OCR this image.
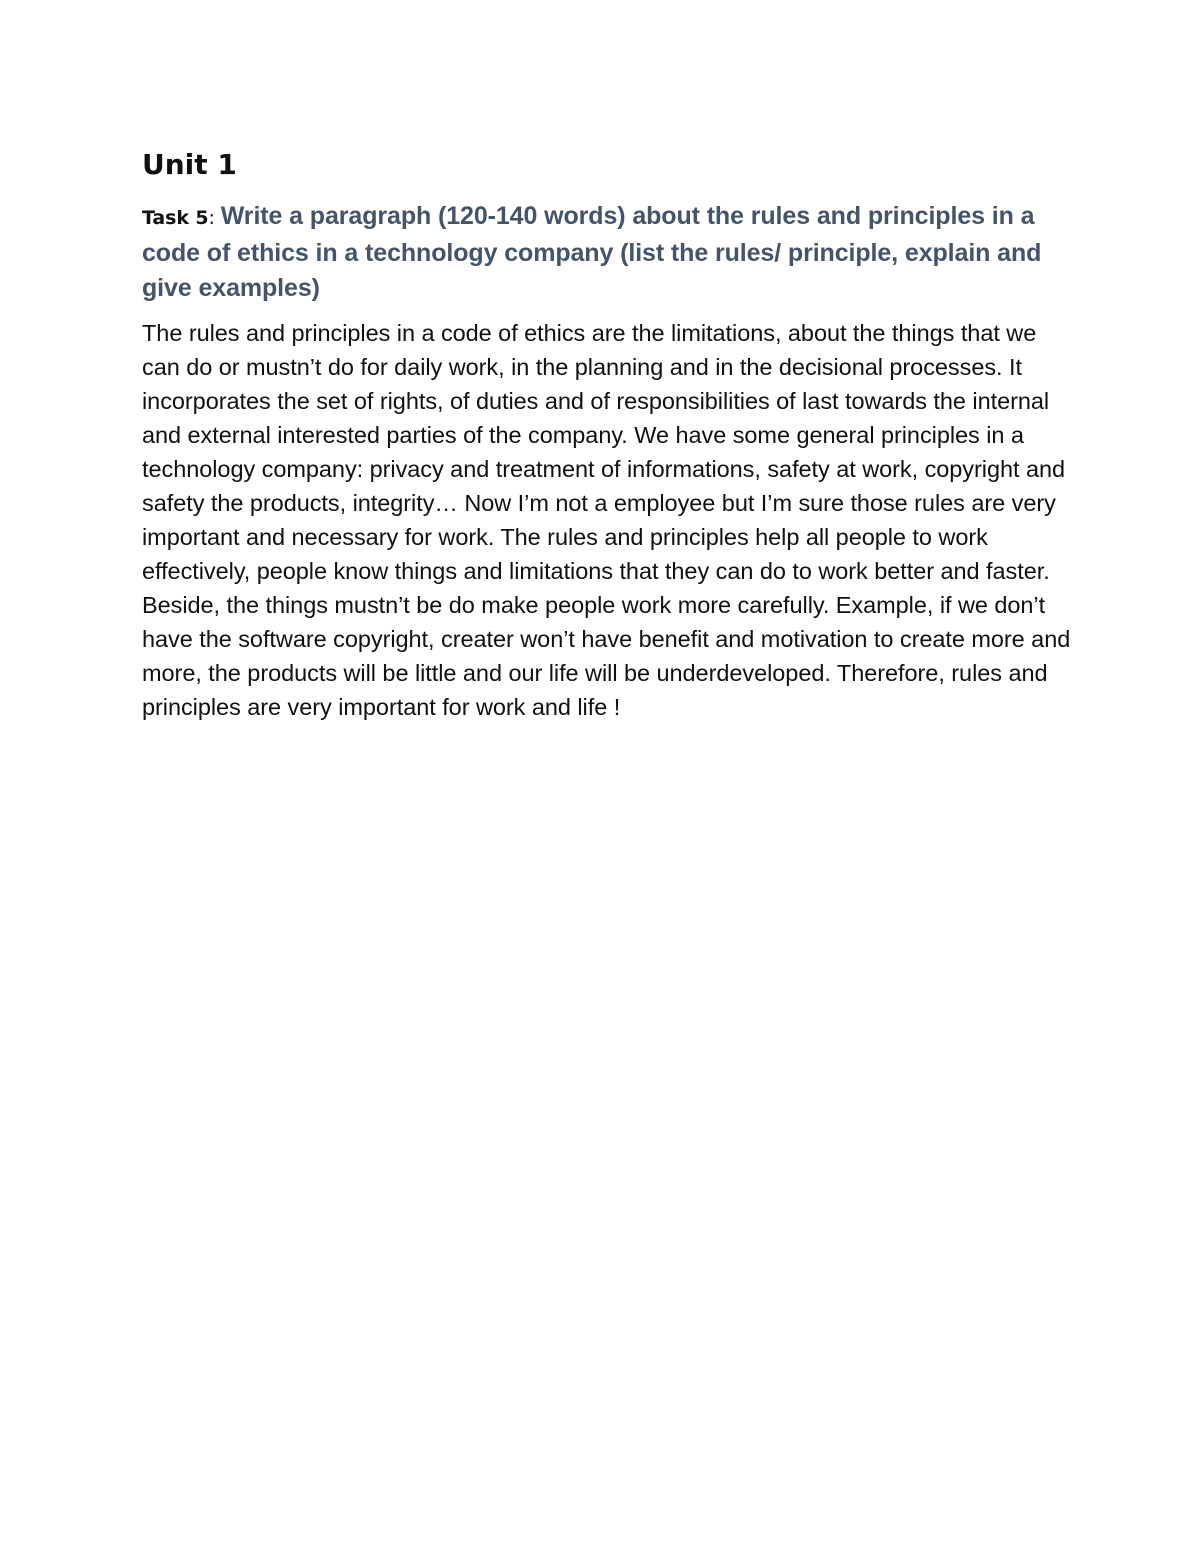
Unit 1

Task 5: Write a paragraph (120-140 words) about the rules and principles in a code of ethics in a technology company (list the rules/ principle, explain and give examples)

The rules and principles in a code of ethics are the limitations, about the things that we can do or mustn’t do for daily work, in the planning and in the decisional processes. It incorporates the set of rights, of duties and of responsibilities of last towards the internal and external interested parties of the company. We have some general principles in a technology company: privacy and treatment of informations, safety at work, copyright and safety the products, integrity… Now I’m not a employee but I’m sure those rules are very important and necessary for work. The rules and principles help all people to work effectively, people know things and limitations that they can do to work better and faster. Beside, the things mustn’t be do make people work more carefully. Example, if we don’t have the software copyright, creater won’t have benefit and motivation to create more and more, the products will be little and our life will be underdeveloped. Therefore, rules and principles are very important for work and life !
